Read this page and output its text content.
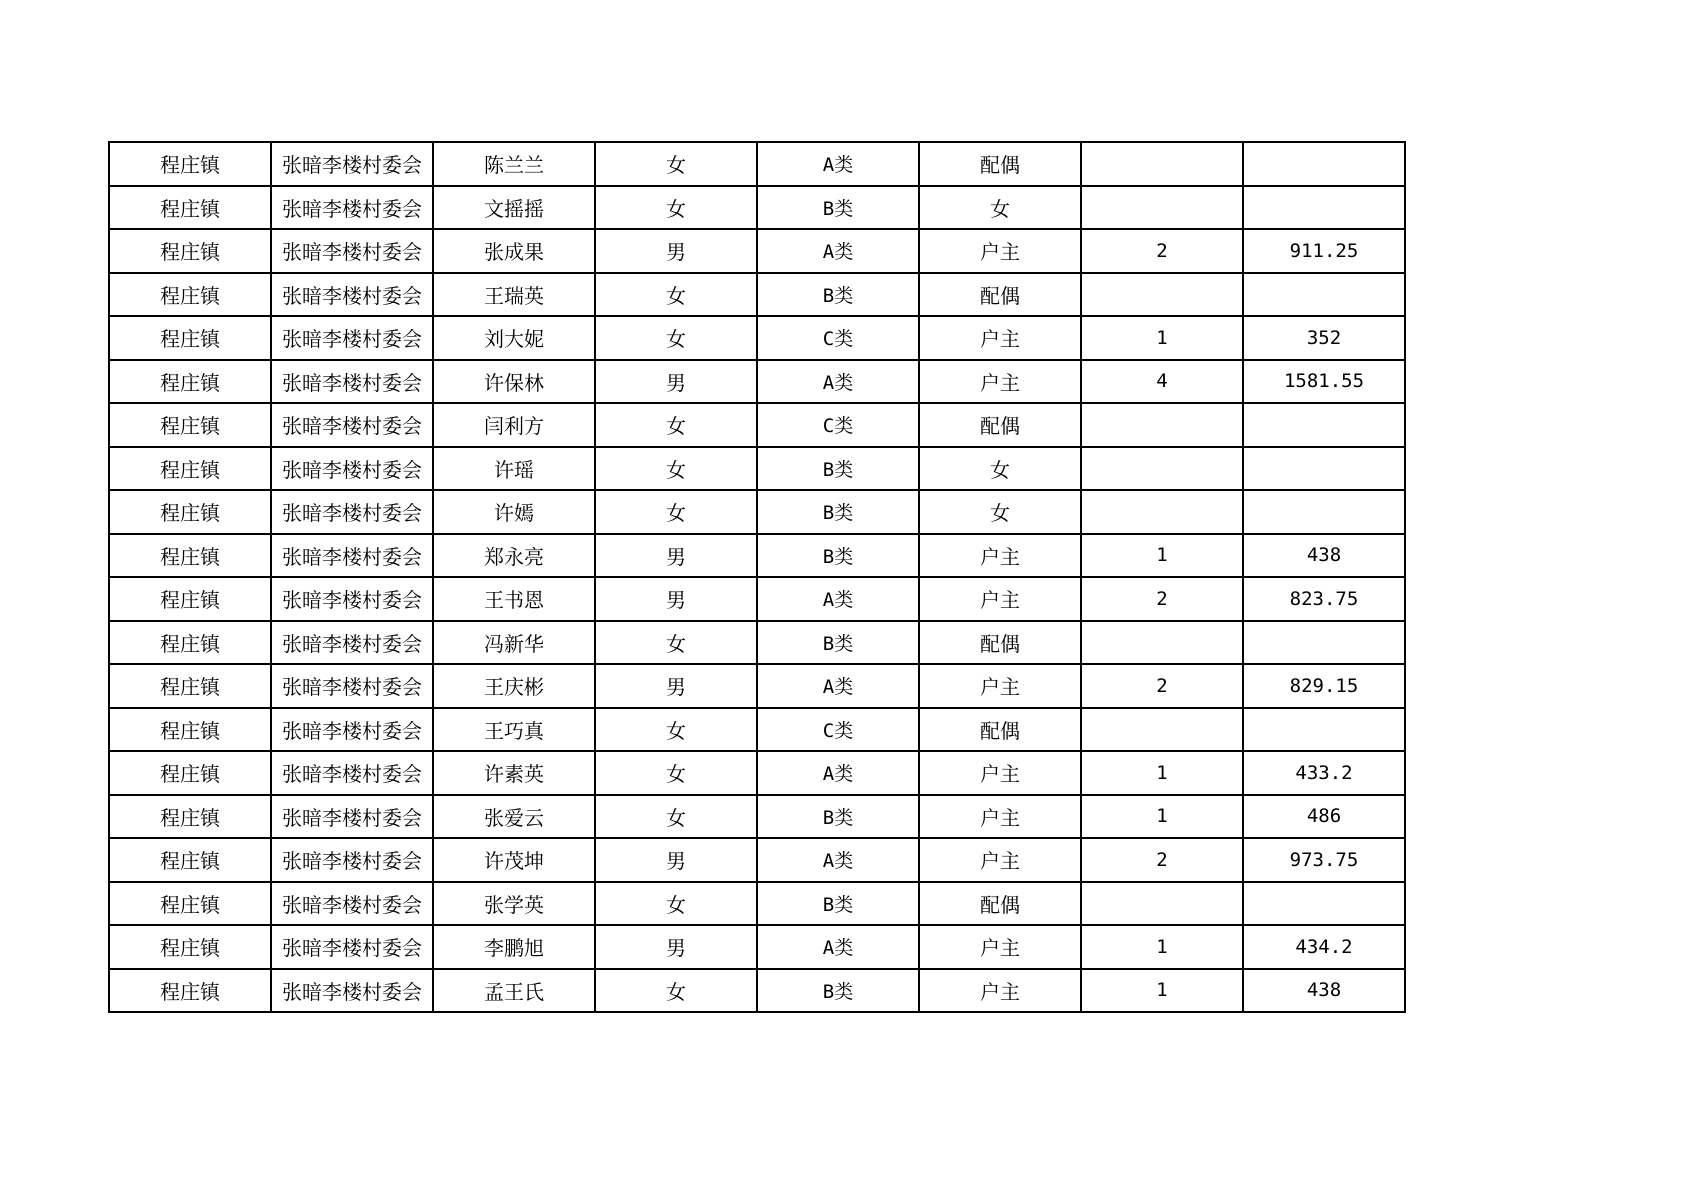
程庄镇	张暗李楼村委会	陈兰兰	女	A类	配偶		
程庄镇	张暗李楼村委会	文摇摇	女	B类	女		
程庄镇	张暗李楼村委会	张成果	男	A类	户主	2	911.25
程庄镇	张暗李楼村委会	王瑞英	女	B类	配偶		
程庄镇	张暗李楼村委会	刘大妮	女	C类	户主	1	352
程庄镇	张暗李楼村委会	许保林	男	A类	户主	4	1581.55
程庄镇	张暗李楼村委会	闫利方	女	C类	配偶		
程庄镇	张暗李楼村委会	许瑶	女	B类	女		
程庄镇	张暗李楼村委会	许嫣	女	B类	女		
程庄镇	张暗李楼村委会	郑永亮	男	B类	户主	1	438
程庄镇	张暗李楼村委会	王书恩	男	A类	户主	2	823.75
程庄镇	张暗李楼村委会	冯新华	女	B类	配偶		
程庄镇	张暗李楼村委会	王庆彬	男	A类	户主	2	829.15
程庄镇	张暗李楼村委会	王巧真	女	C类	配偶		
程庄镇	张暗李楼村委会	许素英	女	A类	户主	1	433.2
程庄镇	张暗李楼村委会	张爱云	女	B类	户主	1	486
程庄镇	张暗李楼村委会	许茂坤	男	A类	户主	2	973.75
程庄镇	张暗李楼村委会	张学英	女	B类	配偶		
程庄镇	张暗李楼村委会	李鹏旭	男	A类	户主	1	434.2
程庄镇	张暗李楼村委会	孟王氏	女	B类	户主	1	438
